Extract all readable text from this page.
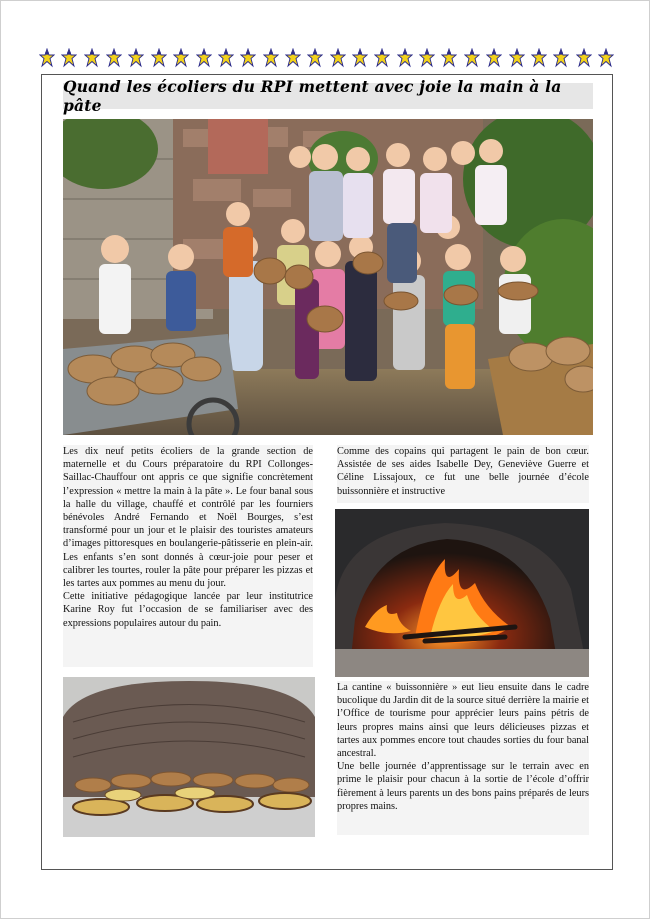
Quand les écoliers du RPI mettent avec joie la main à la pâte

Les dix neuf petits écoliers de la grande section de maternelle et du Cours préparatoire du RPI Collonges-Saillac-Chauffour ont appris ce que signifie concrètement l’expression « mettre la main à la pâte ». Le four banal sous la halle du village, chauffé et contrôlé par les fourniers bénévoles André Fernando et Noël Bourges, s’est transformé pour un jour et le plaisir des touristes amateurs d’images pittoresques en boulangerie-pâtisserie en plein-air. Les enfants s’en sont donnés à cœur-joie pour peser et calibrer les tourtes, rouler la pâte pour préparer les pizzas et les tartes aux pommes au menu du jour.

Cette initiative pédagogique lancée par leur institutrice Karine Roy fut l’occasion de se familiariser avec des expressions populaires autour du pain.

Comme des copains qui partagent le pain de bon cœur. Assistée de ses aides Isabelle Dey, Geneviève Guerre et Céline Lissajoux, ce fut une belle journée d’école buissonnière et instructive

La cantine « buissonnière » eut lieu ensuite dans le cadre bucolique du Jardin dit de la source situé derrière la mairie et l’Office de tourisme pour apprécier leurs pains pétris de leurs propres mains ainsi que leurs délicieuses pizzas et tartes aux pommes encore tout chaudes sorties du four banal ancestral.

Une belle journée d’apprentissage sur le terrain avec en prime le plaisir pour chacun à la sortie de l’école d’offrir fièrement à leurs parents un des bons pains préparés de leurs propres mains.
